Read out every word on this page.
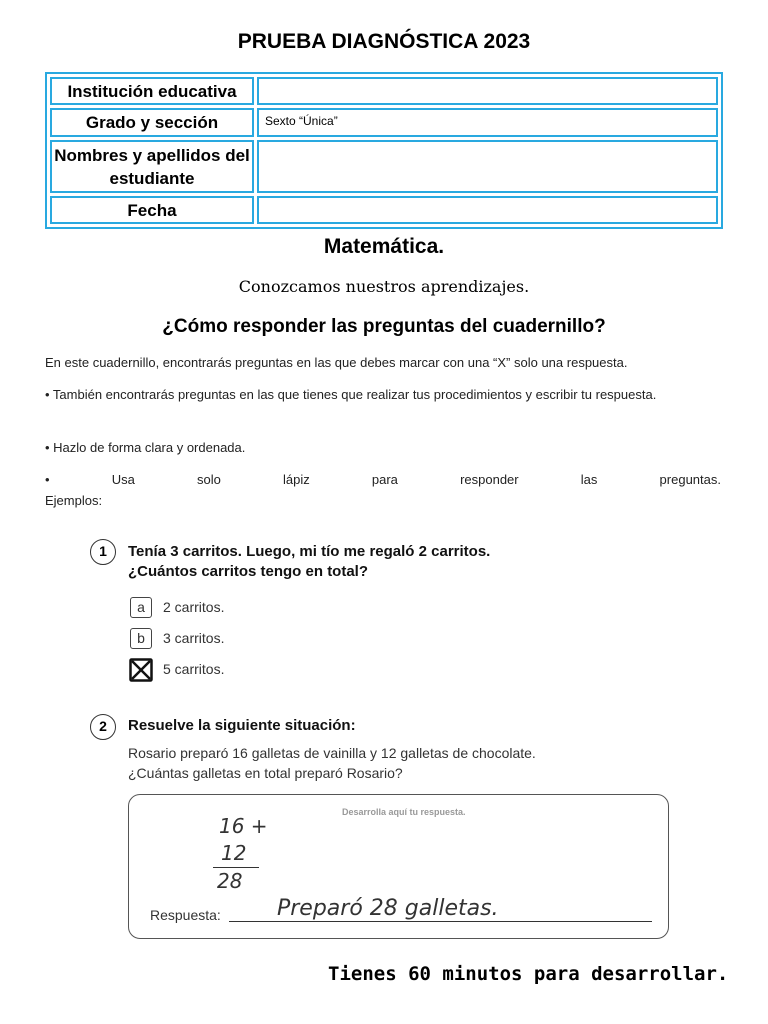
PRUEBA DIAGNÓSTICA 2023
Institución educativa	
Grado y sección	Sexto “Única”
Nombres y apellidos del estudiante	
Fecha	
Matemática.
Conozcamos nuestros aprendizajes.
¿Cómo responder las preguntas del cuadernillo?
En este cuadernillo, encontrarás preguntas en las que debes marcar con una “X” solo una respuesta.
• También encontrarás preguntas en las que tienes que realizar tus procedimientos y escribir tu respuesta.
• Hazlo de forma clara y ordenada.
• Usa solo lápiz para responder las preguntas.
Ejemplos:
1	Tenía 3 carritos. Luego, mi tío me regaló 2 carritos.
¿Cuántos carritos tengo en total?
a	2 carritos.
b	3 carritos.
5 carritos.
2	Resuelve la siguiente situación:
Rosario preparó 16 galletas de vainilla y 12 galletas de chocolate.
¿Cuántas galletas en total preparó Rosario?
Desarrolla aquí tu respuesta.
16 +
12
28
Respuesta:	Preparó 28 galletas.
Tienes 60 minutos para desarrollar.
